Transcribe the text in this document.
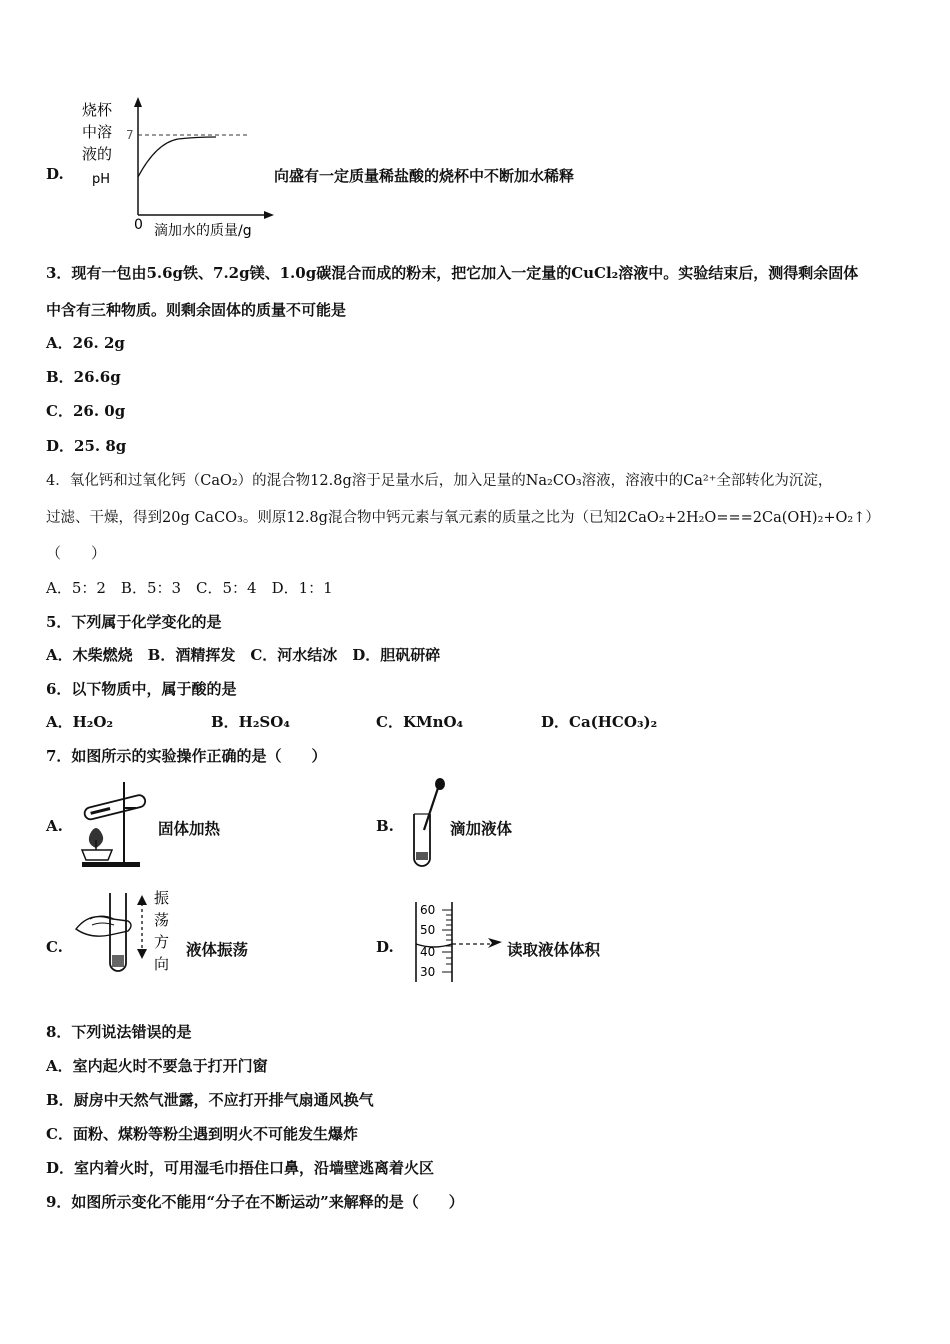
D.
烧杯
中溶
液的
pH
7
0 滴加水的质量/g
向盛有一定质量稀盐酸的烧杯中不断加水稀释
3．现有一包由5.6g铁、7.2g镁、1.0g碳混合而成的粉末，把它加入一定量的CuCl₂溶液中。实验结束后，测得剩余固体
中含有三种物质。则剩余固体的质量不可能是
A．26. 2g
B．26.6g
C．26. 0g
D．25. 8g
4．氧化钙和过氧化钙（CaO₂）的混合物12.8g溶于足量水后，加入足量的Na₂CO₃溶液，溶液中的Ca²⁺全部转化为沉淀，
过滤、干燥，得到20g CaCO₃。则原12.8g混合物中钙元素与氧元素的质量之比为（已知2CaO₂+2H₂O===2Ca(OH)₂+O₂↑）
（　　）
A．5：2　B．5：3　C．5：4　D．1：1
5．下列属于化学变化的是
A．木柴燃烧　B．酒精挥发　C．河水结冰　D．胆矾研碎
6．以下物质中，属于酸的是
A．H₂O₂	B．H₂SO₄	C．KMnO₄	D．Ca(HCO₃)₂
7．如图所示的实验操作正确的是（　　）
A.	固体加热	B.	滴加液体
C.
振
荡
方
向
液体振荡	D.
60
50
40
30
读取液体体积
8．下列说法错误的是
A．室内起火时不要急于打开门窗
B．厨房中天然气泄露，不应打开排气扇通风换气
C．面粉、煤粉等粉尘遇到明火不可能发生爆炸
D．室内着火时，可用湿毛巾捂住口鼻，沿墙壁逃离着火区
9．如图所示变化不能用“分子在不断运动”来解释的是（　　）
